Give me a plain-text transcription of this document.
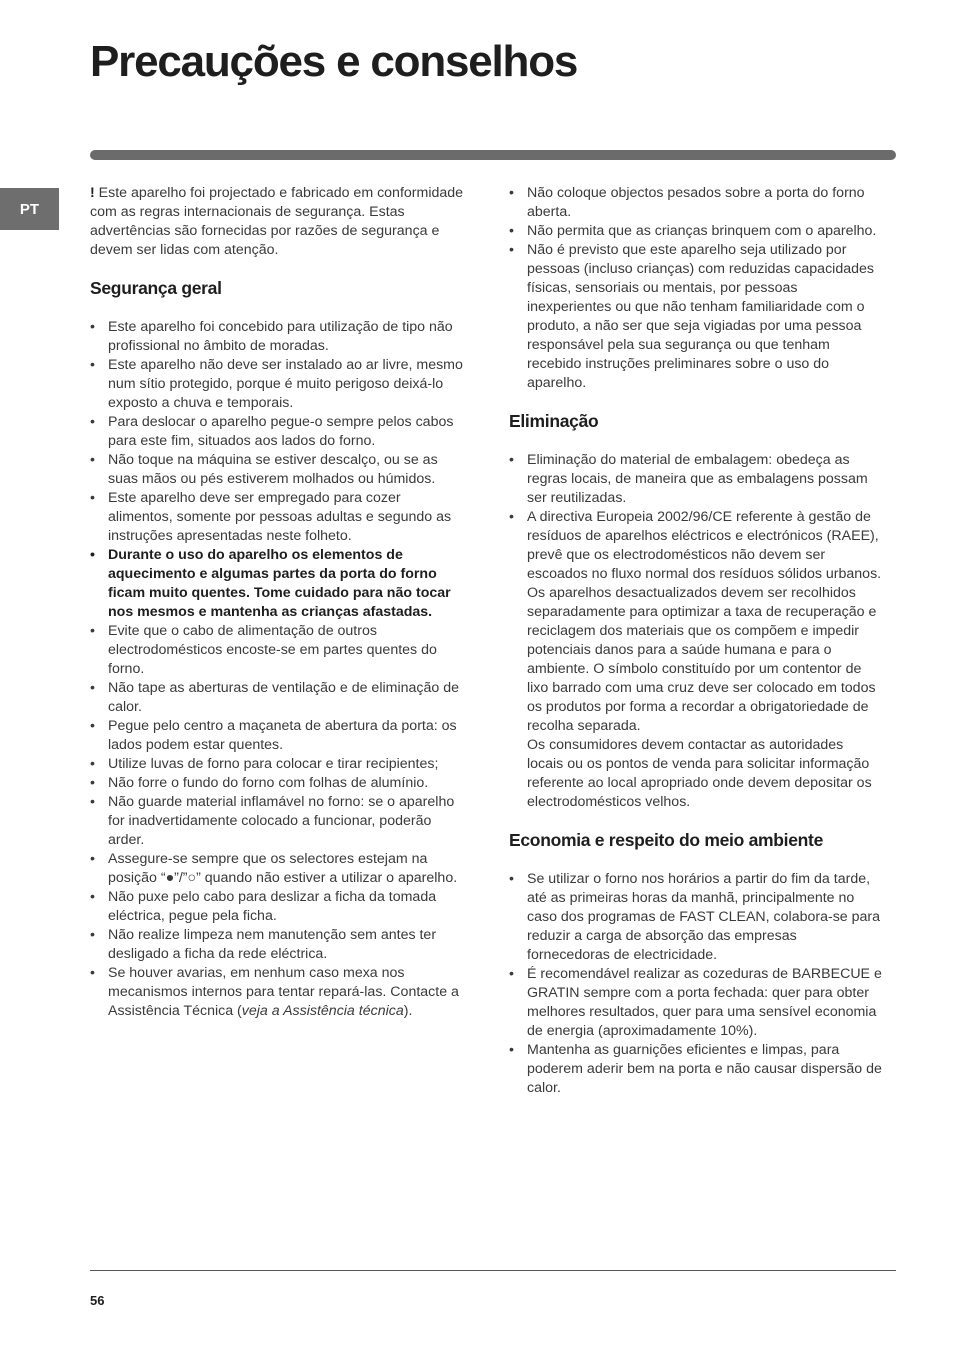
Precauções e conselhos
PT

! Este aparelho foi projectado e fabricado em conformidade com as regras internacionais de segurança. Estas advertências são fornecidas por razões de segurança e devem ser lidas com atenção.

Segurança geral
• Este aparelho foi concebido para utilização de tipo não profissional no âmbito de moradas.
• Este aparelho não deve ser instalado ao ar livre, mesmo num sítio protegido, porque é muito perigoso deixá-lo exposto a chuva e temporais.
• Para deslocar o aparelho pegue-o sempre pelos cabos para este fim, situados aos lados do forno.
• Não toque na máquina se estiver descalço, ou se as suas mãos ou pés estiverem molhados ou húmidos.
• Este aparelho deve ser empregado para cozer alimentos, somente por pessoas adultas e segundo as instruções apresentadas neste folheto.
• Durante o uso do aparelho os elementos de aquecimento e algumas partes da porta do forno ficam muito quentes. Tome cuidado para não tocar nos mesmos e mantenha as crianças afastadas.
• Evite que o cabo de alimentação de outros electrodomésticos encoste-se em partes quentes do forno.
• Não tape as aberturas de ventilação e de eliminação de calor.
• Pegue pelo centro a maçaneta de abertura da porta: os lados podem estar quentes.
• Utilize luvas de forno para colocar e tirar recipientes;
• Não forre o fundo do forno com folhas de alumínio.
• Não guarde material inflamável no forno: se o aparelho for inadvertidamente colocado a funcionar, poderão arder.
• Assegure-se sempre que os selectores estejam na posição “●”/”○” quando não estiver a utilizar o aparelho.
• Não puxe pelo cabo para deslizar a ficha da tomada eléctrica, pegue pela ficha.
• Não realize limpeza nem manutenção sem antes ter desligado a ficha da rede eléctrica.
• Se houver avarias, em nenhum caso mexa nos mecanismos internos para tentar repará-las. Contacte a Assistência Técnica (veja a Assistência técnica).
• Não coloque objectos pesados sobre a porta do forno aberta.
• Não permita que as crianças brinquem com o aparelho.
• Não é previsto que este aparelho seja utilizado por pessoas (incluso crianças) com reduzidas capacidades físicas, sensoriais ou mentais, por pessoas inexperientes ou que não tenham familiaridade com o produto, a não ser que seja vigiadas por uma pessoa responsável pela sua segurança ou que tenham recebido instruções preliminares sobre o uso do aparelho.
Eliminação
• Eliminação do material de embalagem: obedeça as regras locais, de maneira que as embalagens possam ser reutilizadas.
• A directiva Europeia 2002/96/CE referente à gestão de resíduos de aparelhos eléctricos e electrónicos (RAEE), prevê que os electrodomésticos não devem ser escoados no fluxo normal dos resíduos sólidos urbanos. Os aparelhos desactualizados devem ser recolhidos separadamente para optimizar a taxa de recuperação e reciclagem dos materiais que os compõem e impedir potenciais danos para a saúde humana e para o ambiente. O símbolo constituído por um contentor de lixo barrado com uma cruz deve ser colocado em todos os produtos por forma a recordar a obrigatoriedade de recolha separada.
Os consumidores devem contactar as autoridades locais ou os pontos de venda para solicitar informação referente ao local apropriado onde devem depositar os electrodomésticos velhos.
Economia e respeito do meio ambiente
• Se utilizar o forno nos horários a partir do fim da tarde, até as primeiras horas da manhã, principalmente no caso dos programas de FAST CLEAN, colabora-se para reduzir a carga de absorção das empresas fornecedoras de electricidade.
• É recomendável realizar as cozeduras de BARBECUE e GRATIN sempre com a porta fechada: quer para obter melhores resultados, quer para uma sensível economia de energia (aproximadamente 10%).
• Mantenha as guarnições eficientes e limpas, para poderem aderir bem na porta e não causar dispersão de calor.
56
